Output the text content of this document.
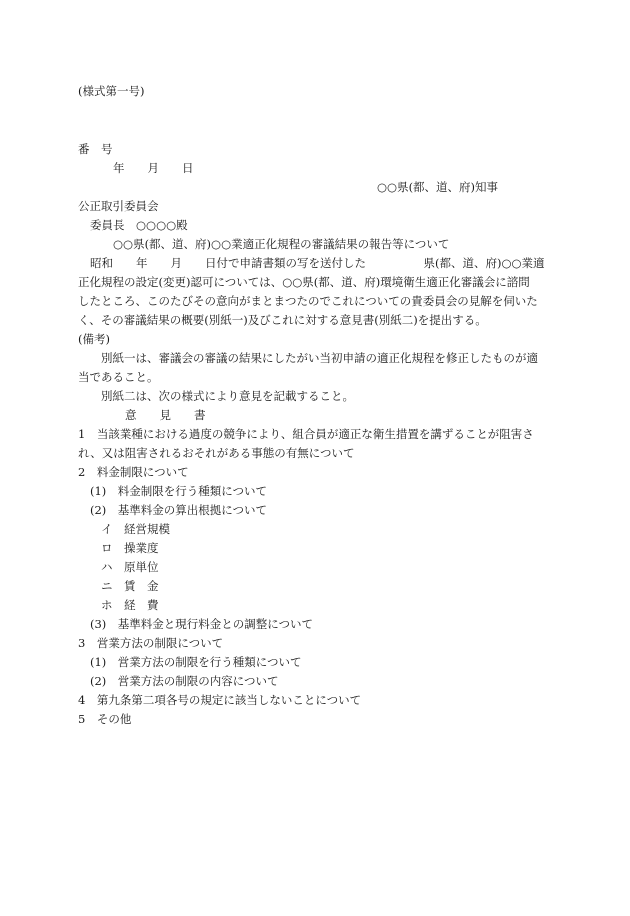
(様式第一号)
番　号
年　　月　　日
○○県(都、道、府)知事
公正取引委員会
委員長　○○○○殿
○○県(都、道、府)○○業適正化規程の審議結果の報告等について
昭和　　年　　月　　日付で申請書類の写を送付した　　　　　県(都、道、府)○○業適
正化規程の設定(変更)認可については、○○県(都、道、府)環境衛生適正化審議会に諮問
したところ、このたびその意向がまとまつたのでこれについての貴委員会の見解を伺いた
く、その審議結果の概要(別紙一)及びこれに対する意見書(別紙二)を提出する。
(備考)
別紙一は、審議会の審議の結果にしたがい当初申請の適正化規程を修正したものが適
当であること。
別紙二は、次の様式により意見を記載すること。
意　　見　　書
1　当該業種における過度の競争により、組合員が適正な衛生措置を講ずることが阻害さ
れ、又は阻害されるおそれがある事態の有無について
2　料金制限について
(1)　料金制限を行う種類について
(2)　基準料金の算出根拠について
イ　経営規模
ロ　操業度
ハ　原単位
ニ　賃　金
ホ　経　費
(3)　基準料金と現行料金との調整について
3　営業方法の制限について
(1)　営業方法の制限を行う種類について
(2)　営業方法の制限の内容について
4　第九条第二項各号の規定に該当しないことについて
5　その他
